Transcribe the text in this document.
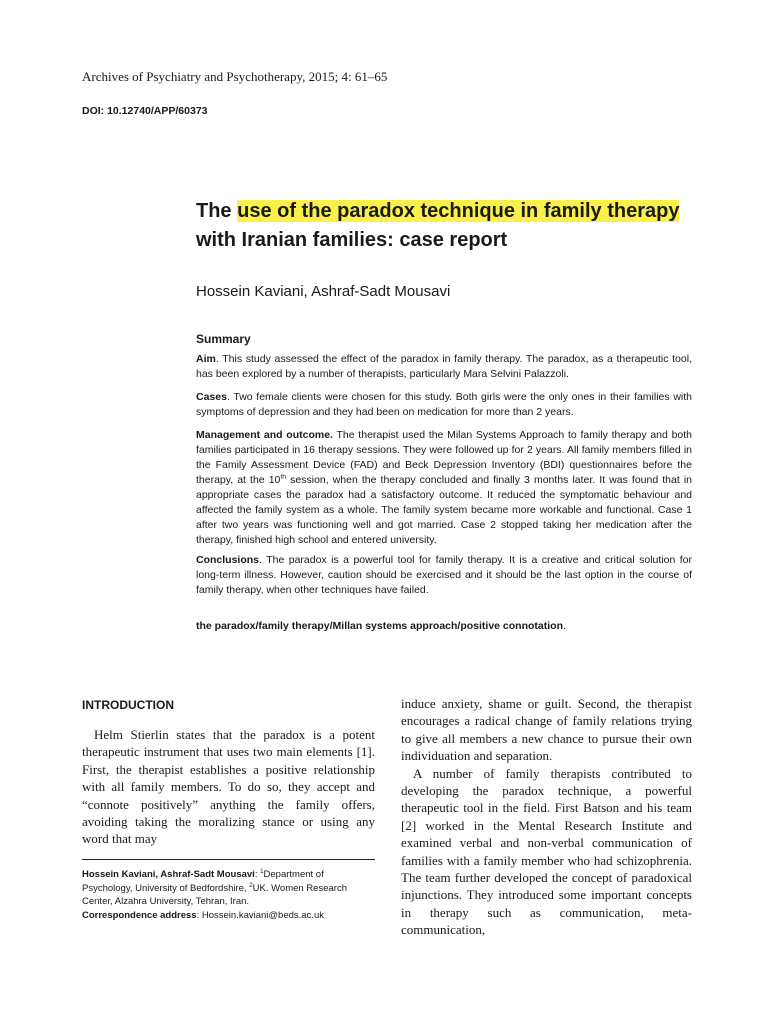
Archives of Psychiatry and Psychotherapy, 2015; 4: 61–65
DOI: 10.12740/APP/60373
The use of the paradox technique in family therapy
with Iranian families: case report
Hossein Kaviani, Ashraf-Sadt Mousavi
Summary
Aim. This study assessed the effect of the paradox in family therapy. The paradox, as a therapeutic tool, has been explored by a number of therapists, particularly Mara Selvini Palazzoli.
Cases. Two female clients were chosen for this study. Both girls were the only ones in their families with symptoms of depression and they had been on medication for more than 2 years.
Management and outcome. The therapist used the Milan Systems Approach to family therapy and both families participated in 16 therapy sessions. They were followed up for 2 years. All family members filled in the Family Assessment Device (FAD) and Beck Depression Inventory (BDI) questionnaires before the therapy, at the 10th session, when the therapy concluded and finally 3 months later. It was found that in appropriate cases the paradox had a satisfactory outcome. It reduced the symptomatic behaviour and affected the family system as a whole. The family system became more workable and functional. Case 1 after two years was functioning well and got married. Case 2 stopped taking her medication after the therapy, finished high school and entered university.
Conclusions. The paradox is a powerful tool for family therapy. It is a creative and critical solution for long-term illness. However, caution should be exercised and it should be the last option in the course of family therapy, when other techniques have failed.
the paradox/family therapy/Millan systems approach/positive connotation.
INTRODUCTION
Helm Stierlin states that the paradox is a potent therapeutic instrument that uses two main elements [1]. First, the therapist establishes a positive relationship with all family members. To do so, they accept and “connote positively” anything the family offers, avoiding taking the moralizing stance or using any word that may

induce anxiety, shame or guilt. Second, the therapist encourages a radical change of family relations trying to give all members a new chance to pursue their own individuation and separation.

A number of family therapists contributed to developing the paradox technique, a powerful therapeutic tool in the field. First Batson and his team [2] worked in the Mental Research Institute and examined verbal and non-verbal communication of families with a family member who had schizophrenia. The team further developed the concept of paradoxical injunctions. They introduced some important concepts in therapy such as communication, meta-communication,

Hossein Kaviani, Ashraf-Sadt Mousavi: $^1$Department of Psychology, University of Bedfordshire, $^2$UK. Women Research Center, Alzahra University, Tehran, Iran.

Correspondence address: Hossein.kaviani@beds.ac.uk
